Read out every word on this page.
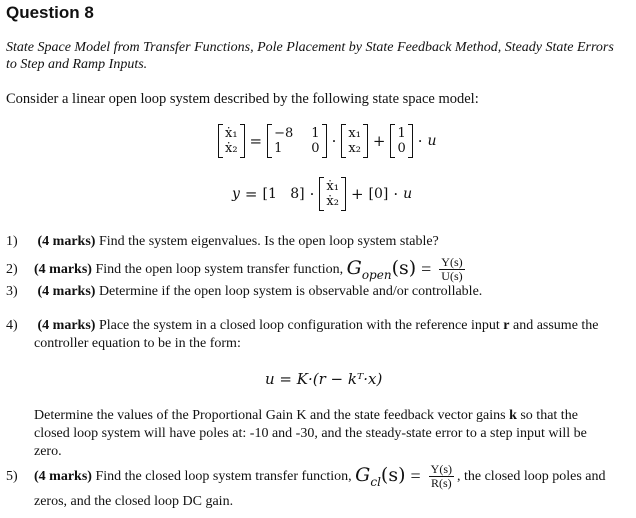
Question 8
State Space Model from Transfer Functions, Pole Placement by State Feedback Method, Steady State Errors to Step and Ramp Inputs.
Consider a linear open loop system described by the following state space model:
ẋ₁
ẋ₂ = −8 1
1 0 · x₁
x₂ + 1
0 · u
y = [1 8] · ẋ₁
ẋ₂ + [0] · u
1) (4 marks) Find the system eigenvalues. Is the open loop system stable?
2)	(4 marks)
Find the open loop system transfer function,
$G_{open}(s) = \frac{Y(s)}{U(s)}$
3) (4 marks) Determine if the open loop system is observable and/or controllable.
4) (4 marks) Place the system in a closed loop configuration with the reference input r and assume the
controller equation to be in the form:
u = K·(r − kᵀ·x)
Determine the values of the Proportional Gain K and the state feedback vector gains k so that the
closed loop system will have poles at: -10 and -30, and the steady-state error to a step input will be
zero.
5)	(4 marks)
Find the closed loop system transfer function,
$G_{cl}(s) = \frac{Y(s)}{R(s)}$ , the closed loop poles and
zeros, and the closed loop DC gain.
